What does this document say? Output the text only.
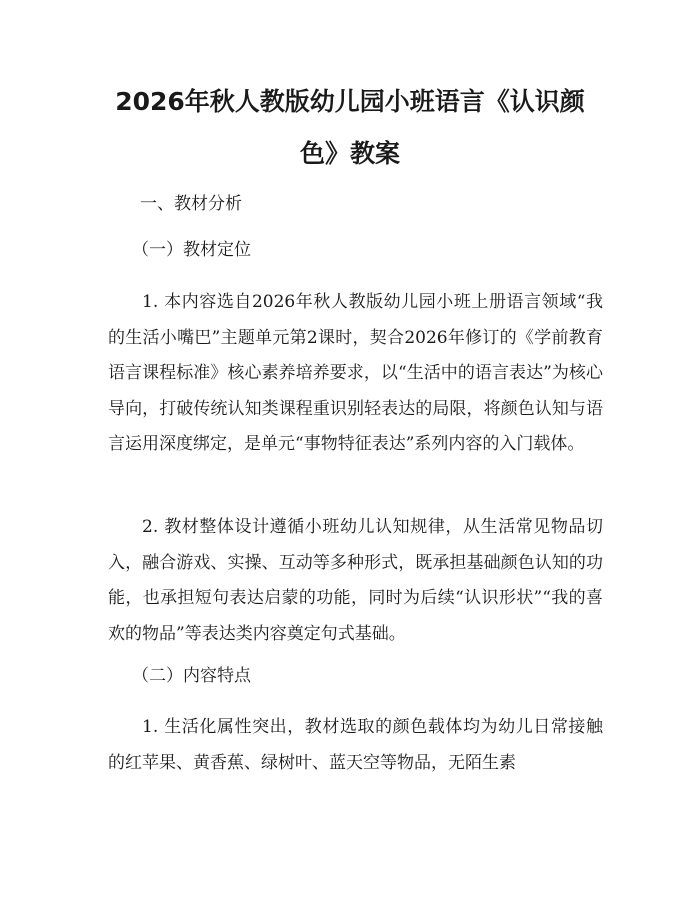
2026年秋人教版幼儿园小班语言《认识颜
色》教案

一、教材分析

（一）教材定位

1. 本内容选自2026年秋人教版幼儿园小班上册语言领域“我的生活小嘴巴”主题单元第2课时，契合2026年修订的《学前教育语言课程标准》核心素养培养要求，以“生活中的语言表达”为核心导向，打破传统认知类课程重识别轻表达的局限，将颜色认知与语言运用深度绑定，是单元“事物特征表达”系列内容的入门载体。

2. 教材整体设计遵循小班幼儿认知规律，从生活常见物品切入，融合游戏、实操、互动等多种形式，既承担基础颜色认知的功能，也承担短句表达启蒙的功能，同时为后续“认识形状”“我的喜欢的物品”等表达类内容奠定句式基础。

（二）内容特点

1. 生活化属性突出，教材选取的颜色载体均为幼儿日常接触的红苹果、黄香蕉、绿树叶、蓝天空等物品，无陌生素
